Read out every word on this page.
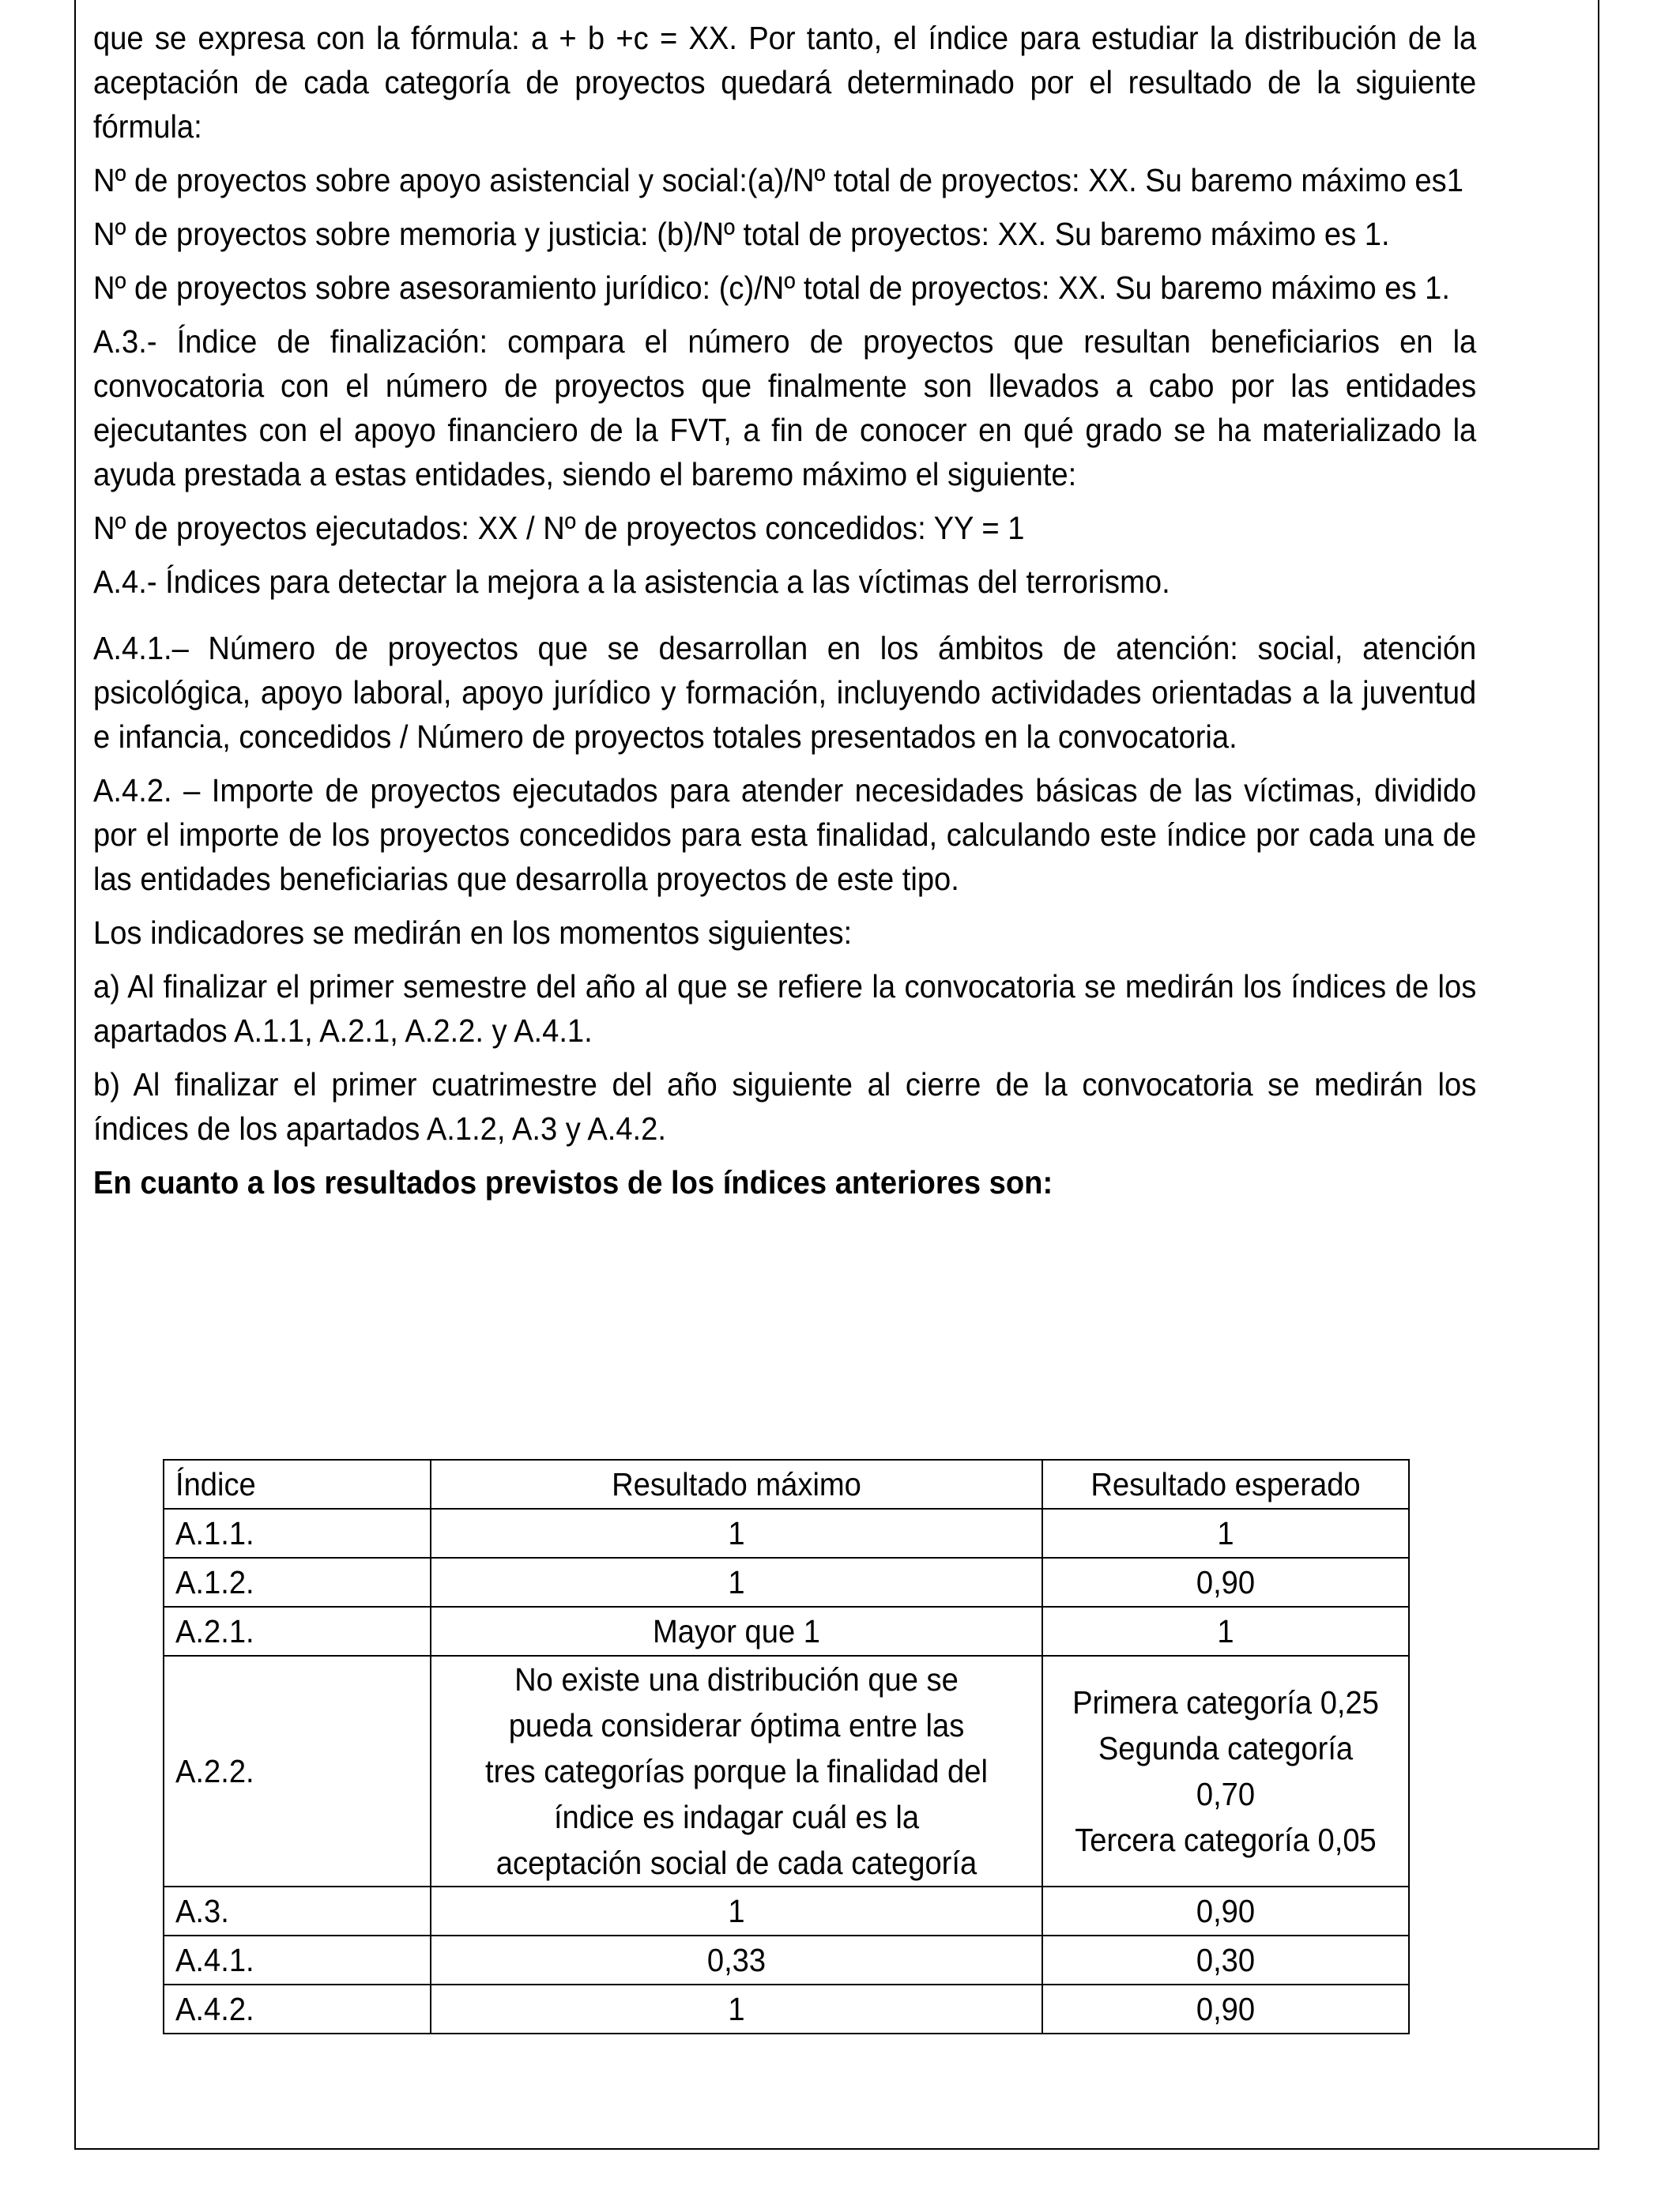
que se expresa con la fórmula: a + b +c = XX. Por tanto, el índice para estudiar la distribución de la aceptación de cada categoría de proyectos quedará determinado por el resultado de la siguiente fórmula:

Nº de proyectos sobre apoyo asistencial y social:(a)/Nº total de proyectos: XX. Su baremo máximo es1

Nº de proyectos sobre memoria y justicia: (b)/Nº total de proyectos: XX. Su baremo máximo es 1.

Nº de proyectos sobre asesoramiento jurídico: (c)/Nº total de proyectos: XX. Su baremo máximo es 1.

A.3.- Índice de finalización: compara el número de proyectos que resultan beneficiarios en la convocatoria con el número de proyectos que finalmente son llevados a cabo por las entidades ejecutantes con el apoyo financiero de la FVT, a fin de conocer en qué grado se ha materializado la ayuda prestada a estas entidades, siendo el baremo máximo el siguiente:

Nº de proyectos ejecutados: XX / Nº de proyectos concedidos: YY = 1

A.4.- Índices para detectar la mejora a la asistencia a las víctimas del terrorismo.

A.4.1.– Número de proyectos que se desarrollan en los ámbitos de atención: social, atención psicológica, apoyo laboral, apoyo jurídico y formación, incluyendo actividades orientadas a la juventud e infancia, concedidos / Número de proyectos totales presentados en la convocatoria.

A.4.2. – Importe de proyectos ejecutados para atender necesidades básicas de las víctimas, dividido por el importe de los proyectos concedidos para esta finalidad, calculando este índice por cada una de las entidades beneficiarias que desarrolla proyectos de este tipo.

Los indicadores se medirán en los momentos siguientes:

a) Al finalizar el primer semestre del año al que se refiere la convocatoria se medirán los índices de los apartados A.1.1, A.2.1, A.2.2. y A.4.1.

b) Al finalizar el primer cuatrimestre del año siguiente al cierre de la convocatoria se medirán los índices de los apartados A.1.2, A.3 y A.4.2.

En cuanto a los resultados previstos de los índices anteriores son:

Índice	Resultado máximo	Resultado esperado

A.1.1.	1	1

A.1.2.	1	0,90

A.2.1.	Mayor que 1	1

A.2.2.	No existe una distribución que se
pueda considerar óptima entre las
tres categorías porque la finalidad del
índice es indagar cuál es la
aceptación social de cada categoría	Primera categoría 0,25
Segunda categoría 0,70
Tercera categoría 0,05

A.3.	1	0,90

A.4.1.	0,33	0,30

A.4.2.	1	0,90
